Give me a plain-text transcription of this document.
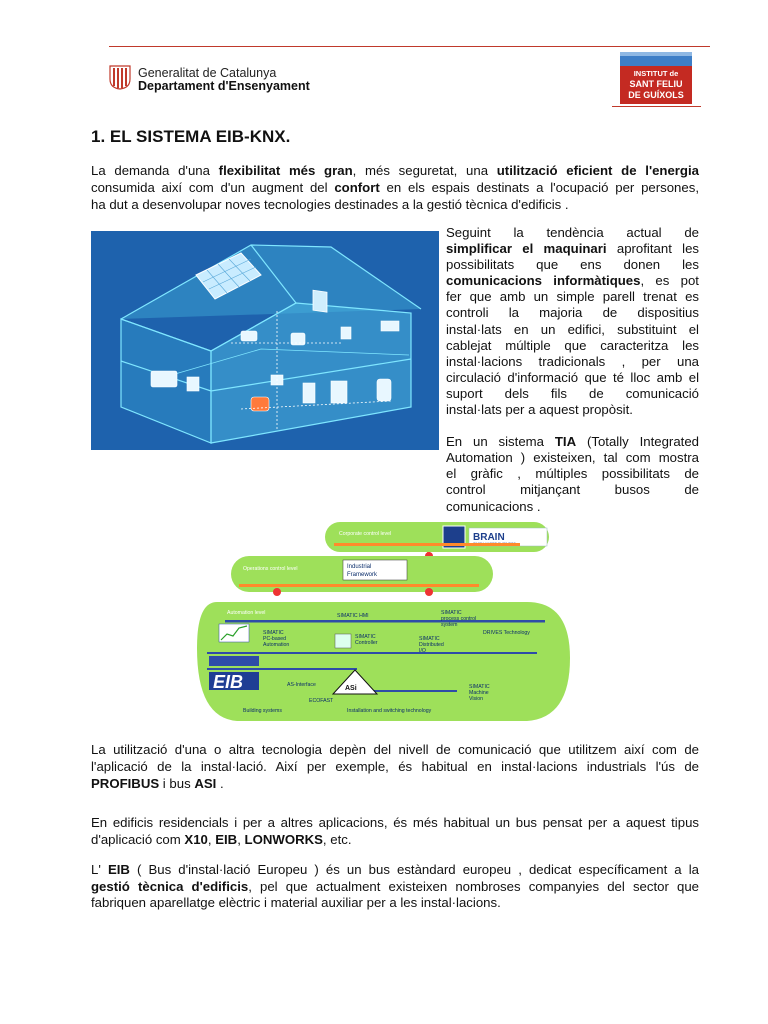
Generalitat de Catalunya
Departament d'Ensenyament
INSTITUT de
SANT FELIU
DE GUÍXOLS
1. EL SISTEMA EIB-KNX.
La demanda d'una flexibilitat més gran, més seguretat, una utilització eficient de l'energia
consumida així com d'un augment del confort en els espais destinats a l'ocupació per persones,
ha dut a desenvolupar noves tecnologies destinades a la gestió tècnica d'edificis .
Seguint la tendència actual de
simplificar el maquinari aprofitant les
possibilitats que ens donen les
comunicacions informàtiques, es pot
fer que amb un simple parell trenat es
controli la majoria de dispositius
instal·lats en un edifici, substituint el
cablejat múltiple que caracteritza les
instal·lacions tradicionals , per una
circulació d'informació que té lloc amb el
suport dels fils de comunicació
instal·lats per a aquest propòsit.
En un sistema TIA (Totally Integrated
Automation ) existeixen, tal com mostra
el gràfic , múltiples possibilitats de
control mitjançant busos de
comunicacions .
Corporate control level	BRAIN
Operations control level	Industrial
Framework
Automation level	SIMATIC HMI	SIMATIC
process control
system
SIMATIC
PC-based
Automation
SIMATIC
Controller
SIMATIC
Distributed
I/O
DRIVES Technology
EIB	AS-Interface	ASi
ECOFAST
SIMATIC
Machine
Vision
Building systems	Installation and switching technology
La utilització d'una o altra tecnologia depèn del nivell de comunicació que utilitzem així com de
l'aplicació de la instal·lació. Així per exemple, és habitual en instal·lacions industrials l'ús de
PROFIBUS i bus ASI .
En edificis residencials i per a altres aplicacions, és més habitual un bus pensat per a aquest tipus
d'aplicació com X10, EIB, LONWORKS, etc.
L' EIB ( Bus d'instal·lació Europeu ) és un bus estàndard europeu , dedicat específicament a la
gestió tècnica d'edificis, pel que actualment existeixen nombroses companyies del sector que
fabriquen aparellatge elèctric i material auxiliar per a les instal·lacions.
